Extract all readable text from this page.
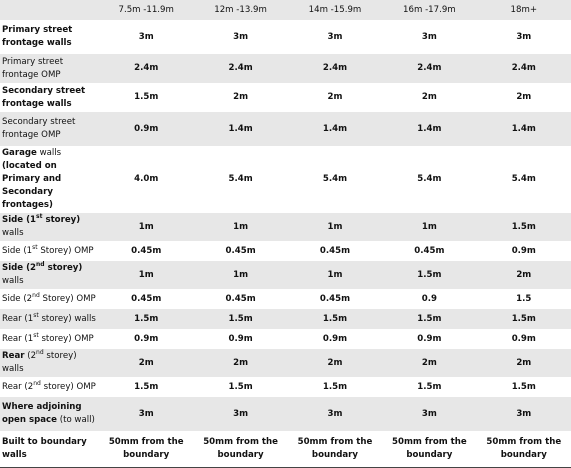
	7.5m -11.9m	12m -13.9m	14m -15.9m	16m -17.9m	18m+
Primary street frontage walls	3m	3m	3m	3m	3m
Primary street frontage OMP	2.4m	2.4m	2.4m	2.4m	2.4m
Secondary street frontage walls	1.5m	2m	2m	2m	2m
Secondary street frontage OMP	0.9m	1.4m	1.4m	1.4m	1.4m
Garage walls (located on Primary and Secondary frontages)	4.0m	5.4m	5.4m	5.4m	5.4m
Side (1st storey) walls	1m	1m	1m	1m	1.5m
Side (1st Storey) OMP	0.45m	0.45m	0.45m	0.45m	0.9m
Side (2nd storey) walls	1m	1m	1m	1.5m	2m
Side (2nd Storey) OMP	0.45m	0.45m	0.45m	0.9	1.5
Rear (1st storey) walls	1.5m	1.5m	1.5m	1.5m	1.5m
Rear (1st storey) OMP	0.9m	0.9m	0.9m	0.9m	0.9m
Rear (2nd storey) walls	2m	2m	2m	2m	2m
Rear (2nd storey) OMP	1.5m	1.5m	1.5m	1.5m	1.5m
Where adjoining open space (to wall)	3m	3m	3m	3m	3m
Built to boundary walls	50mm from the boundary	50mm from the boundary	50mm from the boundary	50mm from the boundary	50mm from the boundary
